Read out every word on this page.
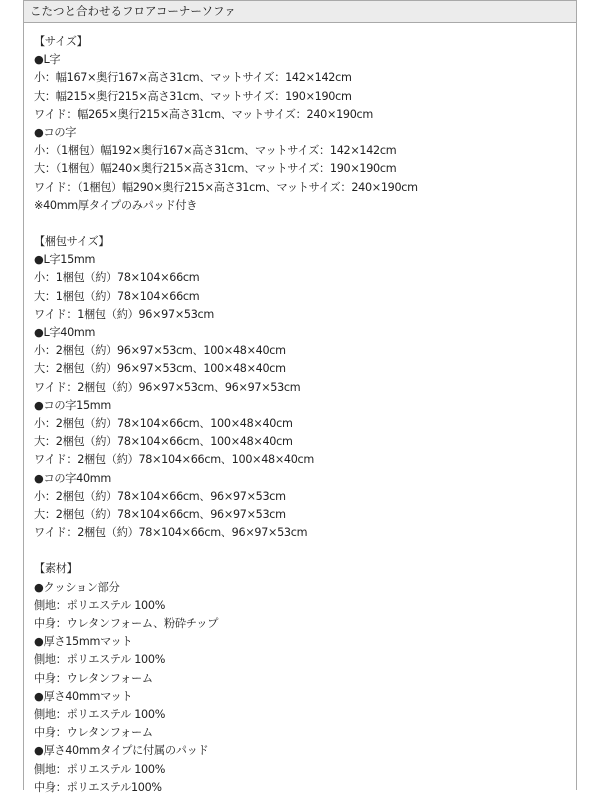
こたつと合わせるフロアコーナーソファ
【サイズ】
●L字
小：幅167×奥行167×高さ31cm、マットサイズ：142×142cm
大：幅215×奥行215×高さ31cm、マットサイズ：190×190cm
ワイド：幅265×奥行215×高さ31cm、マットサイズ：240×190cm
●コの字
小：（1梱包）幅192×奥行167×高さ31cm、マットサイズ：142×142cm
大：（1梱包）幅240×奥行215×高さ31cm、マットサイズ：190×190cm
ワイド：（1梱包）幅290×奥行215×高さ31cm、マットサイズ：240×190cm
※40mm厚タイプのみパッド付き
【梱包サイズ】
●L字15mm
小：1梱包（約）78×104×66cm
大：1梱包（約）78×104×66cm
ワイド：1梱包（約）96×97×53cm
●L字40mm
小：2梱包（約）96×97×53cm、100×48×40cm
大：2梱包（約）96×97×53cm、100×48×40cm
ワイド：2梱包（約）96×97×53cm、96×97×53cm
●コの字15mm
小：2梱包（約）78×104×66cm、100×48×40cm
大：2梱包（約）78×104×66cm、100×48×40cm
ワイド：2梱包（約）78×104×66cm、100×48×40cm
●コの字40mm
小：2梱包（約）78×104×66cm、96×97×53cm
大：2梱包（約）78×104×66cm、96×97×53cm
ワイド：2梱包（約）78×104×66cm、96×97×53cm
【素材】
●クッション部分
側地：ポリエステル 100%
中身：ウレタンフォーム、粉砕チップ
●厚さ15mmマット
側地：ポリエステル 100%
中身：ウレタンフォーム
●厚さ40mmマット
側地：ポリエステル 100%
中身：ウレタンフォーム
●厚さ40mmタイプに付属のパッド
側地：ポリエステル 100%
中身：ポリエステル100%
